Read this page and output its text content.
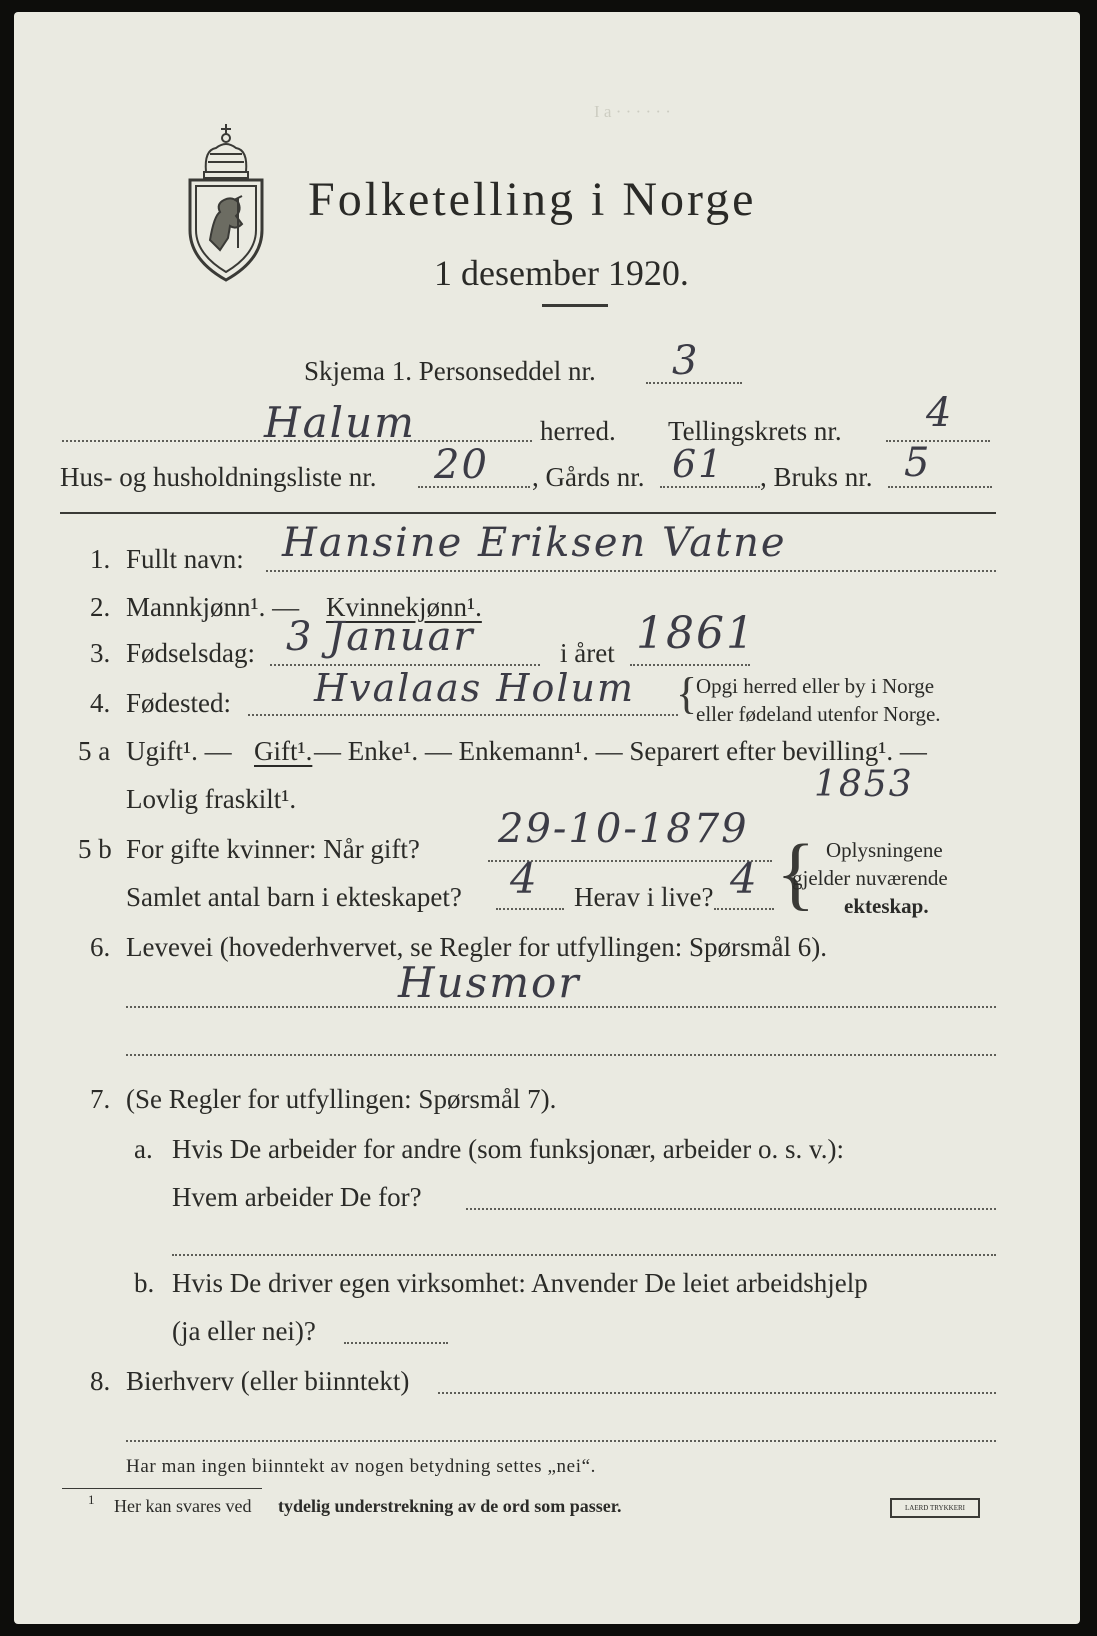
Folketelling i Norge
1 desember 1920.
I a · · · · · ·
Skjema 1. Personseddel nr. 3
Halum	herred. Tellingskrets nr. 4
Hus- og husholdningsliste nr. 20 , Gårds nr. 61 , Bruks nr. 5
1. Fullt navn: Hansine Eriksen Vatne
2. Mannkjønn¹. — Kvinnekjønn¹.
3. Fødselsdag: 3 Januar	i året 1861
4. Fødested: Hvalaas Holum {
Opgi herred eller by i Norge
eller fødeland utenfor Norge.
5 a Ugift¹. — Gift¹. — Enke¹. — Enkemann¹. — Separert efter bevilling¹. —
Lovlig fraskilt¹.	1853
5 b For gifte kvinner: Når gift? 29-10-1879
Samlet antal barn i ekteskapet? 4 Herav i live? 4 { Oplysningene
gjelder nuværende
ekteskap.
6. Levevei (hovederhvervet, se Regler for utfyllingen: Spørsmål 6).
Husmor
7. (Se Regler for utfyllingen: Spørsmål 7).
a. Hvis De arbeider for andre (som funksjonær, arbeider o. s. v.):
Hvem arbeider De for?
b. Hvis De driver egen virksomhet: Anvender De leiet arbeidshjelp
(ja eller nei)?
8. Bierhverv (eller biinntekt)
Har man ingen biinntekt av nogen betydning settes „nei“.
1 Her kan svares ved tydelig understrekning av de ord som passer.	LAERD TRYKKERI
